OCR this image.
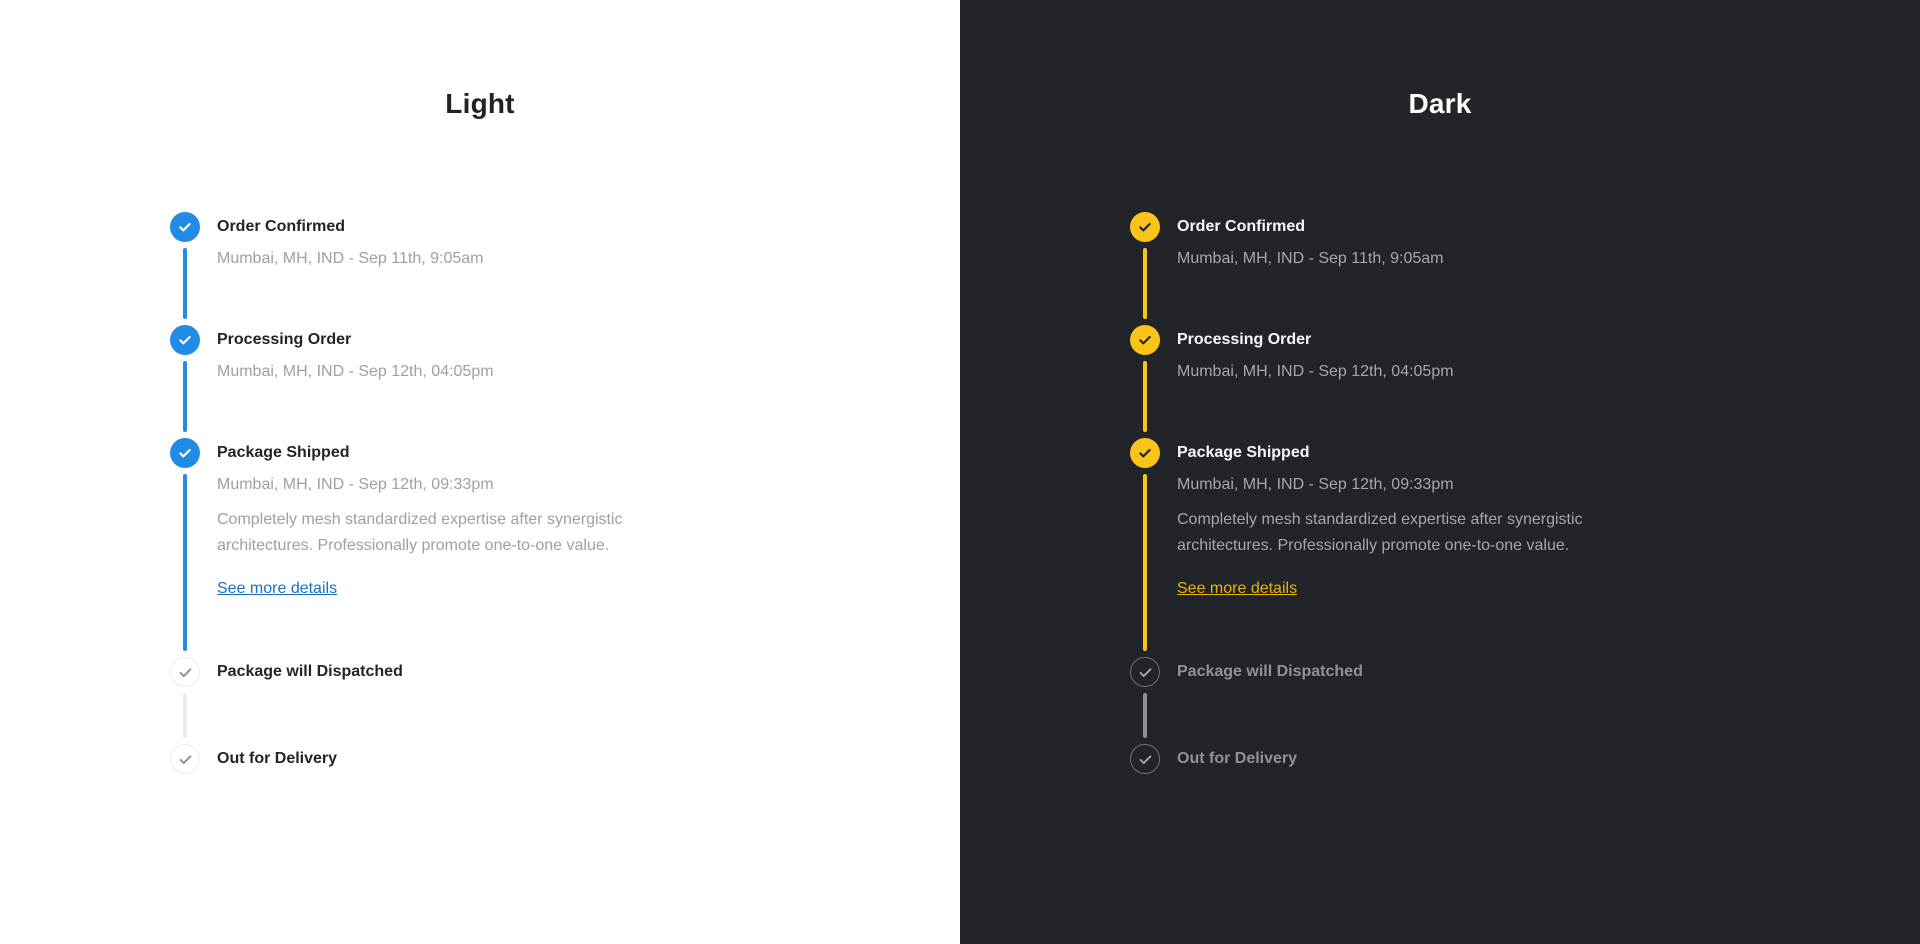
Light
Order Confirmed
Mumbai, MH, IND - Sep 11th, 9:05am
Processing Order
Mumbai, MH, IND - Sep 12th, 04:05pm
Package Shipped
Mumbai, MH, IND - Sep 12th, 09:33pm
Completely mesh standardized expertise after synergistic architectures. Professionally promote one-to-one value.
See more details
Package will Dispatched
Out for Delivery
Dark
Order Confirmed
Mumbai, MH, IND - Sep 11th, 9:05am
Processing Order
Mumbai, MH, IND - Sep 12th, 04:05pm
Package Shipped
Mumbai, MH, IND - Sep 12th, 09:33pm
Completely mesh standardized expertise after synergistic architectures. Professionally promote one-to-one value.
See more details
Package will Dispatched
Out for Delivery
